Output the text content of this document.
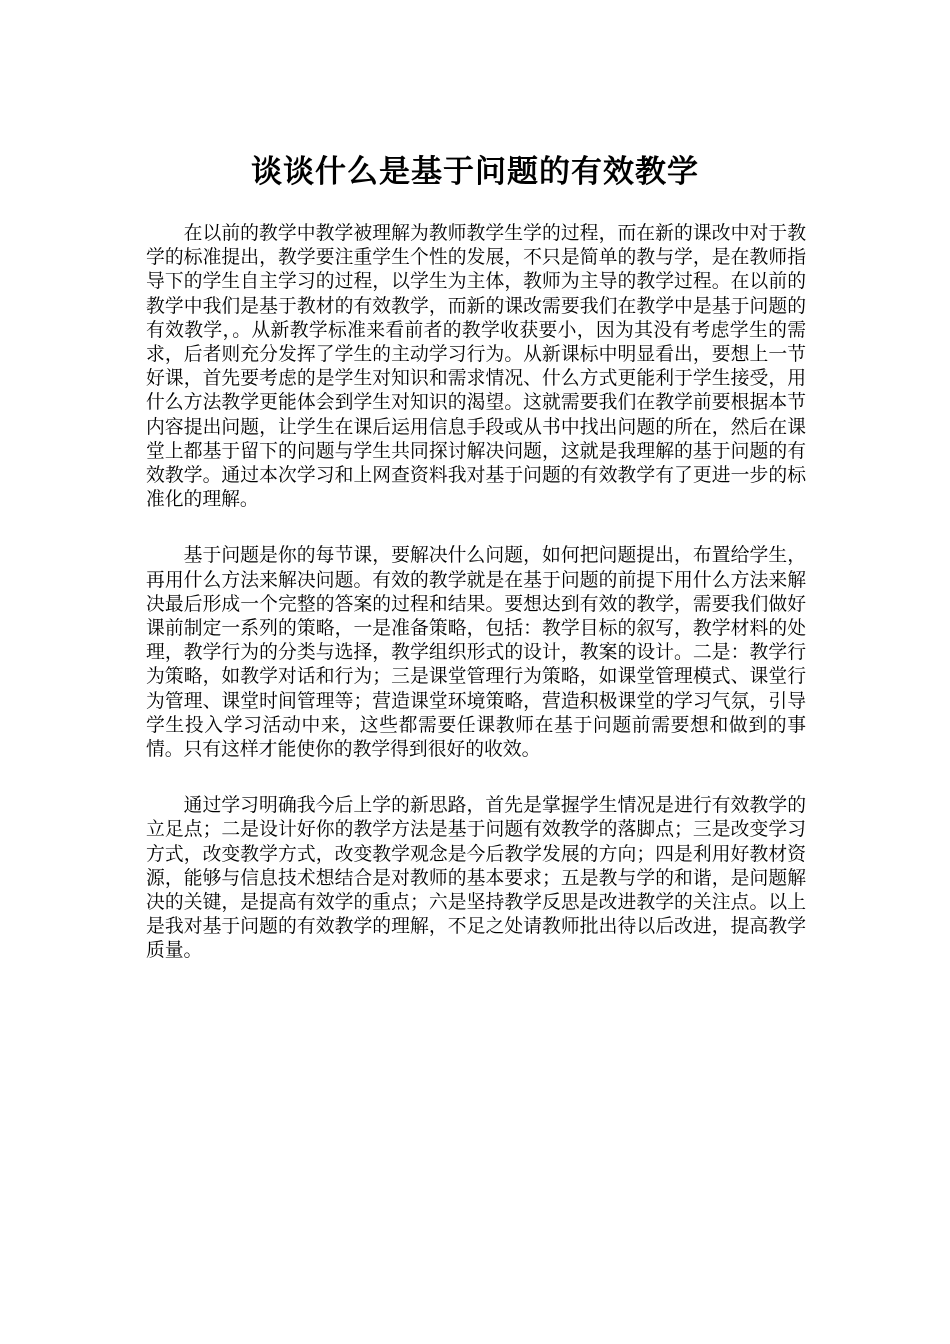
谈谈什么是基于问题的有效教学

在以前的教学中教学被理解为教师教学生学的过程，而在新的课改中对于教学的标准提出，教学要注重学生个性的发展，不只是简单的教与学，是在教师指导下的学生自主学习的过程，以学生为主体，教师为主导的教学过程。在以前的教学中我们是基于教材的有效教学，而新的课改需要我们在教学中是基于问题的有效教学，。从新教学标准来看前者的教学收获要小，因为其没有考虑学生的需求，后者则充分发挥了学生的主动学习行为。从新课标中明显看出，要想上一节好课，首先要考虑的是学生对知识和需求情况、什么方式更能利于学生接受，用什么方法教学更能体会到学生对知识的渴望。这就需要我们在教学前要根据本节内容提出问题，让学生在课后运用信息手段或从书中找出问题的所在，然后在课堂上都基于留下的问题与学生共同探讨解决问题，这就是我理解的基于问题的有效教学。通过本次学习和上网查资料我对基于问题的有效教学有了更进一步的标准化的理解。

基于问题是你的每节课，要解决什么问题，如何把问题提出，布置给学生，再用什么方法来解决问题。有效的教学就是在基于问题的前提下用什么方法来解决最后形成一个完整的答案的过程和结果。要想达到有效的教学，需要我们做好课前制定一系列的策略，一是准备策略，包括：教学目标的叙写，教学材料的处理，教学行为的分类与选择，教学组织形式的设计，教案的设计。二是：教学行为策略，如教学对话和行为；三是课堂管理行为策略，如课堂管理模式、课堂行为管理、课堂时间管理等；营造课堂环境策略，营造积极课堂的学习气氛，引导学生投入学习活动中来，这些都需要任课教师在基于问题前需要想和做到的事情。只有这样才能使你的教学得到很好的收效。

通过学习明确我今后上学的新思路，首先是掌握学生情况是进行有效教学的立足点；二是设计好你的教学方法是基于问题有效教学的落脚点；三是改变学习方式，改变教学方式，改变教学观念是今后教学发展的方向；四是利用好教材资源，能够与信息技术想结合是对教师的基本要求；五是教与学的和谐，是问题解决的关键，是提高有效学的重点；六是坚持教学反思是改进教学的关注点。以上是我对基于问题的有效教学的理解，不足之处请教师批出待以后改进，提高教学质量。
